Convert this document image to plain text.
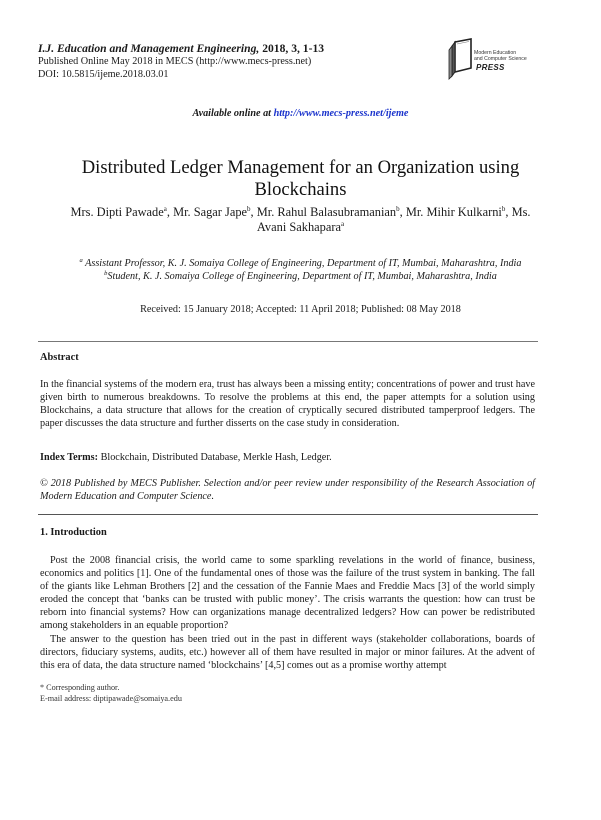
I.J. Education and Management Engineering, 2018, 3, 1-13
Published Online May 2018 in MECS (http://www.mecs-press.net)
DOI: 10.5815/ijeme.2018.03.01
Modern Education
and Computer Science
PRESS
Available online at http://www.mecs-press.net/ijeme
Distributed Ledger Management for an Organization using
Blockchains
Mrs. Dipti Pawade$^a$, Mr. Sagar Jape$^b$, Mr. Rahul Balasubramanian$^b$, Mr. Mihir Kulkarni$^b$, Ms.
Avani Sakhapara$^a$
$^a$ Assistant Professor, K. J. Somaiya College of Engineering, Department of IT, Mumbai, Maharashtra, India
$^b$Student, K. J. Somaiya College of Engineering, Department of IT, Mumbai, Maharashtra, India
Received: 15 January 2018; Accepted: 11 April 2018; Published: 08 May 2018
Abstract
In the financial systems of the modern era, trust has always been a missing entity; concentrations of power and trust have given birth to numerous breakdowns. To resolve the problems at this end, the paper attempts for a solution using Blockchains, a data structure that allows for the creation of cryptically secured distributed tamperproof ledgers. The paper discusses the data structure and further disserts on the case study in consideration.
Index Terms: Blockchain, Distributed Database, Merkle Hash, Ledger.
© 2018 Published by MECS Publisher. Selection and/or peer review under responsibility of the Research Association of Modern Education and Computer Science.
1. Introduction

Post the 2008 financial crisis, the world came to some sparkling revelations in the world of finance, business, economics and politics [1]. One of the fundamental ones of those was the failure of the trust system in banking. The fall of the giants like Lehman Brothers [2] and the cessation of the Fannie Maes and Freddie Macs [3] of the world simply eroded the concept that ‘banks can be trusted with public money’. The crisis warrants the question: how can trust be reborn into financial systems? How can organizations manage decentralized ledgers? How can power be redistributed among stakeholders in an equable proportion?

The answer to the question has been tried out in the past in different ways (stakeholder collaborations, boards of directors, fiduciary systems, audits, etc.) however all of them have resulted in major or minor failures. At the advent of this era of data, the data structure named ‘blockchains’ [4,5] comes out as a promise worthy attempt

* Corresponding author.
E-mail address: diptipawade@somaiya.edu
